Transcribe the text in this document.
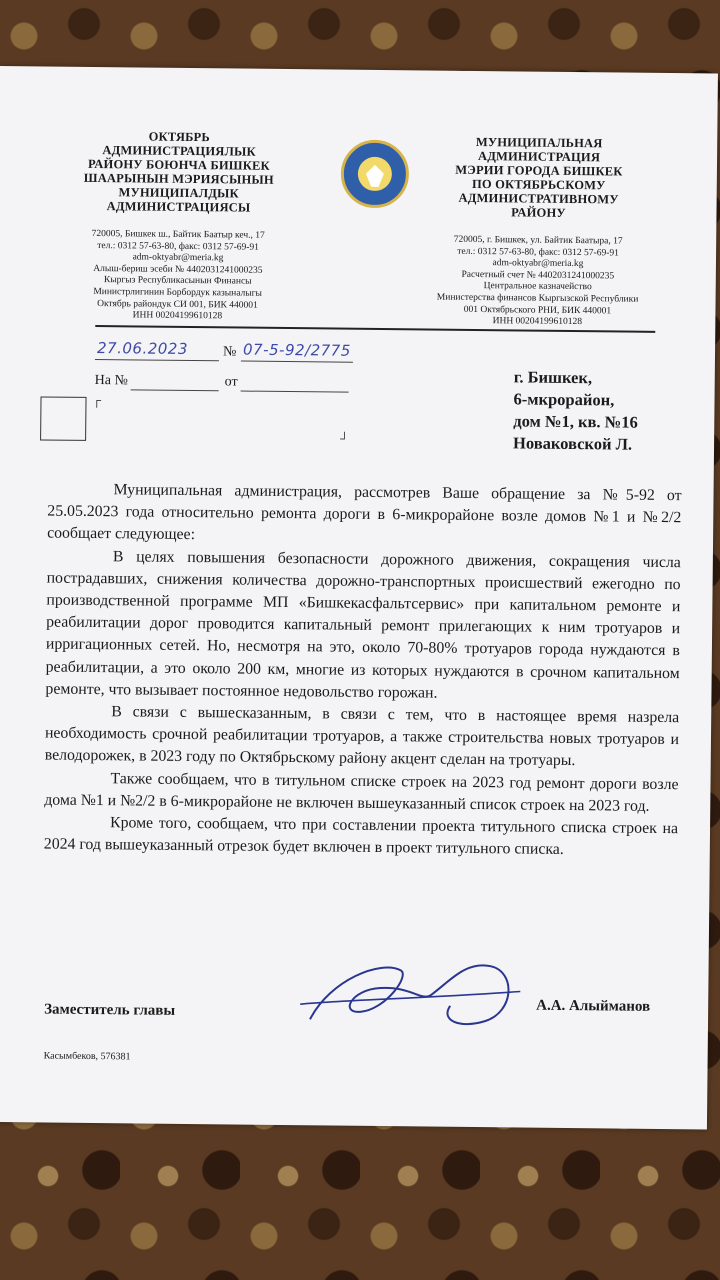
ОКТЯБРЬ
АДМИНИСТРАЦИЯЛЫК
РАЙОНУ БОЮНЧА БИШКЕК
ШААРЫНЫН МЭРИЯСЫНЫН
МУНИЦИПАЛДЫК
АДМИНИСТРАЦИЯСЫ
720005, Бишкек ш., Байтик Баатыр кеч., 17
тел.: 0312 57-63-80, факс: 0312 57-69-91
adm-oktyabr@meria.kg
Алыш-бериш эсеби № 4402031241000235
Кыргыз Республикасынын Финансы
Министрлигинин Борбордук казыналыгы
Октябрь райондук СИ 001, БИК 440001
ИНН 00204199610128
МУНИЦИПАЛЬНАЯ
АДМИНИСТРАЦИЯ
МЭРИИ ГОРОДА БИШКЕК
ПО ОКТЯБРЬСКОМУ
АДМИНИСТРАТИВНОМУ
РАЙОНУ
720005, г. Бишкек, ул. Байтик Баатыра, 17
тел.: 0312 57-63-80, факс: 0312 57-69-91
adm-oktyabr@meria.kg
Расчетный счет № 4402031241000235
Центральное казначейство
Министерства финансов Кыргызской Республики
001 Октябрьского РНИ, БИК 440001
ИНН 00204199610128
27.06.2023 № 07-5-92/2775
На №	от
┌
┘
г. Бишкек,
6-мкрорайон,
дом №1, кв. №16
Новаковской Л.

Муниципальная администрация, рассмотрев Ваше обращение за №5-92 от 25.05.2023 года относительно ремонта дороги в 6-микрорайоне возле домов №1 и №2/2 сообщает следующее:

В целях повышения безопасности дорожного движения, сокращения числа пострадавших, снижения количества дорожно-транспортных происшествий ежегодно по производственной программе МП «Бишкекасфальтсервис» при капитальном ремонте и реабилитации дорог проводится капитальный ремонт прилегающих к ним тротуаров и ирригационных сетей. Но, несмотря на это, около 70-80% тротуаров города нуждаются в реабилитации, а это около 200 км, многие из которых нуждаются в срочном капитальном ремонте, что вызывает постоянное недовольство горожан.

В связи с вышесказанным, в связи с тем, что в настоящее время назрела необходимость срочной реабилитации тротуаров, а также строительства новых тротуаров и велодорожек, в 2023 году по Октябрьскому району акцент сделан на тротуары.

Также сообщаем, что в титульном списке строек на 2023 год ремонт дороги возле дома №1 и №2/2 в 6-микрорайоне не включен вышеуказанный список строек на 2023 год.

Кроме того, сообщаем, что при составлении проекта титульного списка строек на 2024 год вышеуказанный отрезок будет включен в проект титульного списка.

Заместитель главы	А.А. Алыйманов
Касымбеков, 576381
